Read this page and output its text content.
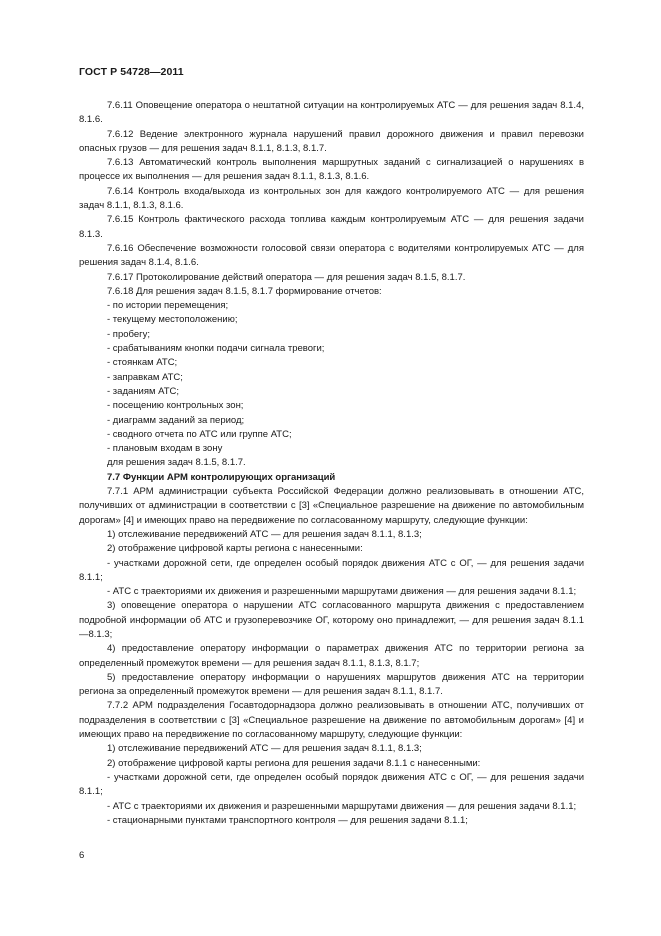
ГОСТ Р 54728—2011

7.6.11 Оповещение оператора о нештатной ситуации на контролируемых АТС — для решения задач 8.1.4, 8.1.6.

7.6.12 Ведение электронного журнала нарушений правил дорожного движения и правил перевозки опасных грузов — для решения задач 8.1.1, 8.1.3, 8.1.7.

7.6.13 Автоматический контроль выполнения маршрутных заданий с сигнализацией о нарушениях в процессе их выполнения — для решения задач 8.1.1, 8.1.3, 8.1.6.

7.6.14 Контроль входа/выхода из контрольных зон для каждого контролируемого АТС — для решения задач 8.1.1, 8.1.3, 8.1.6.

7.6.15 Контроль фактического расхода топлива каждым контролируемым АТС — для решения задачи 8.1.3.

7.6.16 Обеспечение возможности голосовой связи оператора с водителями контролируемых АТС — для решения задач 8.1.4, 8.1.6.

7.6.17 Протоколирование действий оператора — для решения задач 8.1.5, 8.1.7.

7.6.18 Для решения задач 8.1.5, 8.1.7 формирование отчетов:

- по истории перемещения;

- текущему местоположению;

- пробегу;

- срабатываниям кнопки подачи сигнала тревоги;

- стоянкам АТС;

- заправкам АТС;

- заданиям АТС;

- посещению контрольных зон;

- диаграмм заданий за период;

- сводного отчета по АТС или группе АТС;

- плановым входам в зону

для решения задач 8.1.5, 8.1.7.

7.7 Функции АРМ контролирующих организаций

7.7.1 АРМ администрации субъекта Российской Федерации должно реализовывать в отношении АТС, получивших от администрации в соответствии с [3] «Специальное разрешение на движение по автомобильным дорогам» [4] и имеющих право на передвижение по согласованному маршруту, следующие функции:

1) отслеживание передвижений АТС — для решения задач 8.1.1, 8.1.3;

2) отображение цифровой карты региона с нанесенными:

- участками дорожной сети, где определен особый порядок движения АТС с ОГ, — для решения задачи 8.1.1;

- АТС с траекториями их движения и разрешенными маршрутами движения — для решения задачи 8.1.1;

3) оповещение оператора о нарушении АТС согласованного маршрута движения с предоставлением подробной информации об АТС и грузоперевозчике ОГ, которому оно принадлежит, — для решения задач 8.1.1—8.1.3;

4) предоставление оператору информации о параметрах движения АТС по территории региона за определенный промежуток времени — для решения задач 8.1.1, 8.1.3, 8.1.7;

5) предоставление оператору информации о нарушениях маршрутов движения АТС на территории региона за определенный промежуток времени — для решения задач 8.1.1, 8.1.7.

7.7.2 АРМ подразделения Госавтодорнадзора должно реализовывать в отношении АТС, получивших от подразделения в соответствии с [3] «Специальное разрешение на движение по автомобильным дорогам» [4] и имеющих право на передвижение по согласованному маршруту, следующие функции:

1) отслеживание передвижений АТС — для решения задач 8.1.1, 8.1.3;

2) отображение цифровой карты региона для решения задачи 8.1.1 с нанесенными:

- участками дорожной сети, где определен особый порядок движения АТС с ОГ, — для решения задачи 8.1.1;

- АТС с траекториями их движения и разрешенными маршрутами движения — для решения задачи 8.1.1;

- стационарными пунктами транспортного контроля — для решения задачи 8.1.1;

6
